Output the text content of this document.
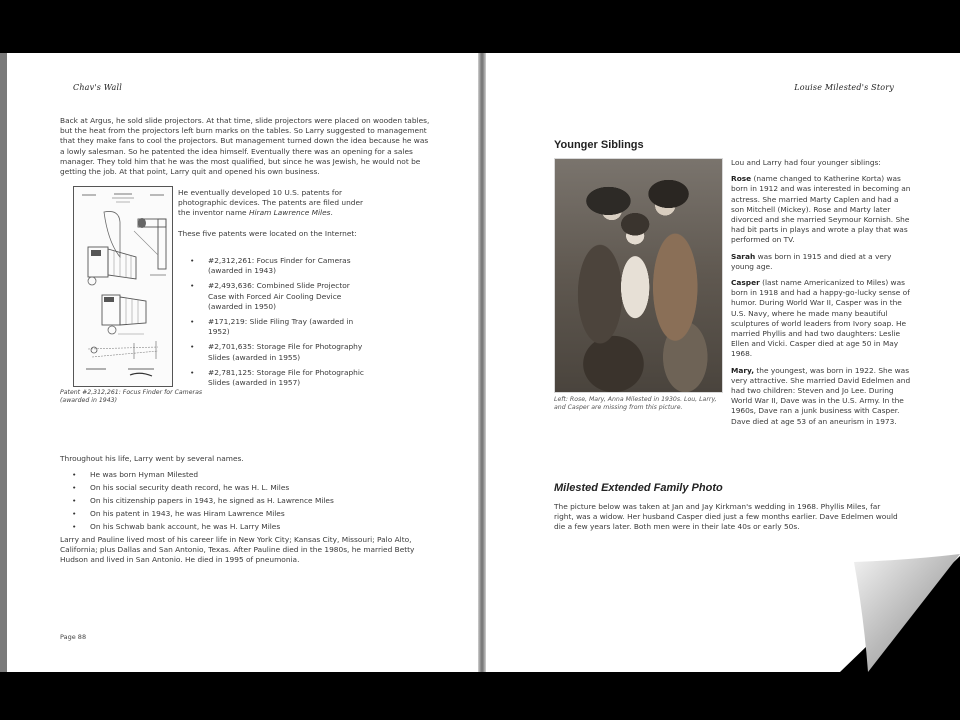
Chav's Wall

Back at Argus, he sold slide projectors. At that time, slide projectors were placed on wooden tables, but the heat from the projectors left burn marks on the tables. So Larry suggested to management that they make fans to cool the projectors. But management turned down the idea because he was a lowly salesman. So he patented the idea himself. Eventually there was an opening for a sales manager. They told him that he was the most qualified, but since he was Jewish, he would not be getting the job. At that point, Larry quit and opened his own business.

Patent #2,312,261: Focus Finder for Cameras (awarded in 1943)

He eventually developed 10 U.S. patents for photographic devices. The patents are filed under the inventor name Hiram Lawrence Miles.

These five patents were located on the Internet:

• #2,312,261: Focus Finder for Cameras (awarded in 1943)
• #2,493,636: Combined Slide Projector Case with Forced Air Cooling Device (awarded in 1950)
• #171,219: Slide Filing Tray (awarded in 1952)
• #2,701,635: Storage File for Photography Slides (awarded in 1955)
• #2,781,125: Storage File for Photographic Slides (awarded in 1957)

Throughout his life, Larry went by several names.

• He was born Hyman Milested
• On his social security death record, he was H. L. Miles
• On his citizenship papers in 1943, he signed as H. Lawrence Miles
• On his patent in 1943, he was Hiram Lawrence Miles
• On his Schwab bank account, he was H. Larry Miles

Larry and Pauline lived most of his career life in New York City; Kansas City, Missouri; Palo Alto, California; plus Dallas and San Antonio, Texas. After Pauline died in the 1980s, he married Betty Hudson and lived in San Antonio. He died in 1995 of pneumonia.

Page 88
Louise Milested's Story
Younger Siblings
Left: Rose, Mary, Anna Milested in 1930s. Lou, Larry, and Casper are missing from this picture.

Lou and Larry had four younger siblings:

Rose (name changed to Katherine Korta) was born in 1912 and was interested in becoming an actress. She married Marty Caplen and had a son Mitchell (Mickey). Rose and Marty later divorced and she married Seymour Kornish. She had bit parts in plays and wrote a play that was performed on TV.

Sarah was born in 1915 and died at a very young age.

Casper (last name Americanized to Miles) was born in 1918 and had a happy-go-lucky sense of humor. During World War II, Casper was in the U.S. Navy, where he made many beautiful sculptures of world leaders from Ivory soap. He married Phyllis and had two daughters: Leslie Ellen and Vicki. Casper died at age 50 in May 1968.

Mary, the youngest, was born in 1922. She was very attractive. She married David Edelmen and had two children: Steven and Jo Lee. During World War II, Dave was in the U.S. Army. In the 1960s, Dave ran a junk business with Casper. Dave died at age 53 of an aneurism in 1973.

Milested Extended Family Photo

The picture below was taken at Jan and Jay Kirkman's wedding in 1968. Phyllis Miles, far right, was a widow. Her husband Casper died just a few months earlier. Dave Edelmen would die a few years later. Both men were in their late 40s or early 50s.
